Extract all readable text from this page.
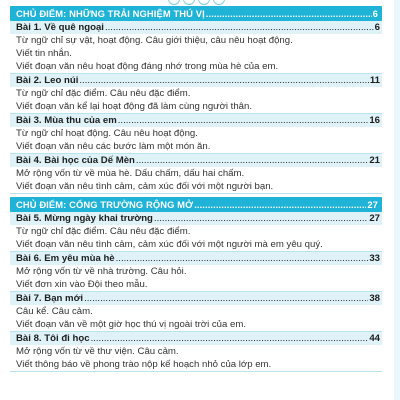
CHỦ ĐIỂM: NHỮNG TRẢI NGHIỆM THÚ VỊ .....	6
Bài 1. Về quê ngoại .....	6
Từ ngữ chỉ sự vật, hoạt động. Câu giới thiệu, câu nêu hoạt động.
Viết tin nhắn.
Viết đoạn văn nêu hoạt động đáng nhớ trong mùa hè của em.
Bài 2. Leo núi .....	11
Từ ngữ chỉ đặc điểm. Câu nêu đặc điểm.
Viết đoạn văn kể lại hoạt động đã làm cùng người thân.
Bài 3. Mùa thu của em .....	16
Từ ngữ chỉ hoạt động. Câu nêu hoạt động.
Viết đoạn văn nêu các bước làm một món ăn.
Bài 4. Bài học của Dế Mèn .....	21
Mở rộng vốn từ về mùa hè. Dấu chấm, dấu hai chấm.
Viết đoạn văn nêu tình cảm, cảm xúc đối với một người bạn.
CHỦ ĐIỂM: CỔNG TRƯỜNG RỘNG MỞ .....	27
Bài 5. Mừng ngày khai trường .....	27
Từ ngữ chỉ đặc điểm. Câu nêu đặc điểm.
Viết đoạn văn nêu tình cảm, cảm xúc đối với một người mà em yêu quý.
Bài 6. Em yêu mùa hè .....	33
Mở rộng vốn từ về nhà trường. Câu hỏi.
Viết đơn xin vào Đội theo mẫu.
Bài 7. Bạn mới .....	38
Câu kể. Câu cảm.
Viết đoạn văn về một giờ học thú vị ngoài trời của em.
Bài 8. Tôi đi học .....	44
Mở rộng vốn từ về thư viện. Câu cảm.
Viết thông báo về phong trào nộp kế hoạch nhỏ của lớp em.
